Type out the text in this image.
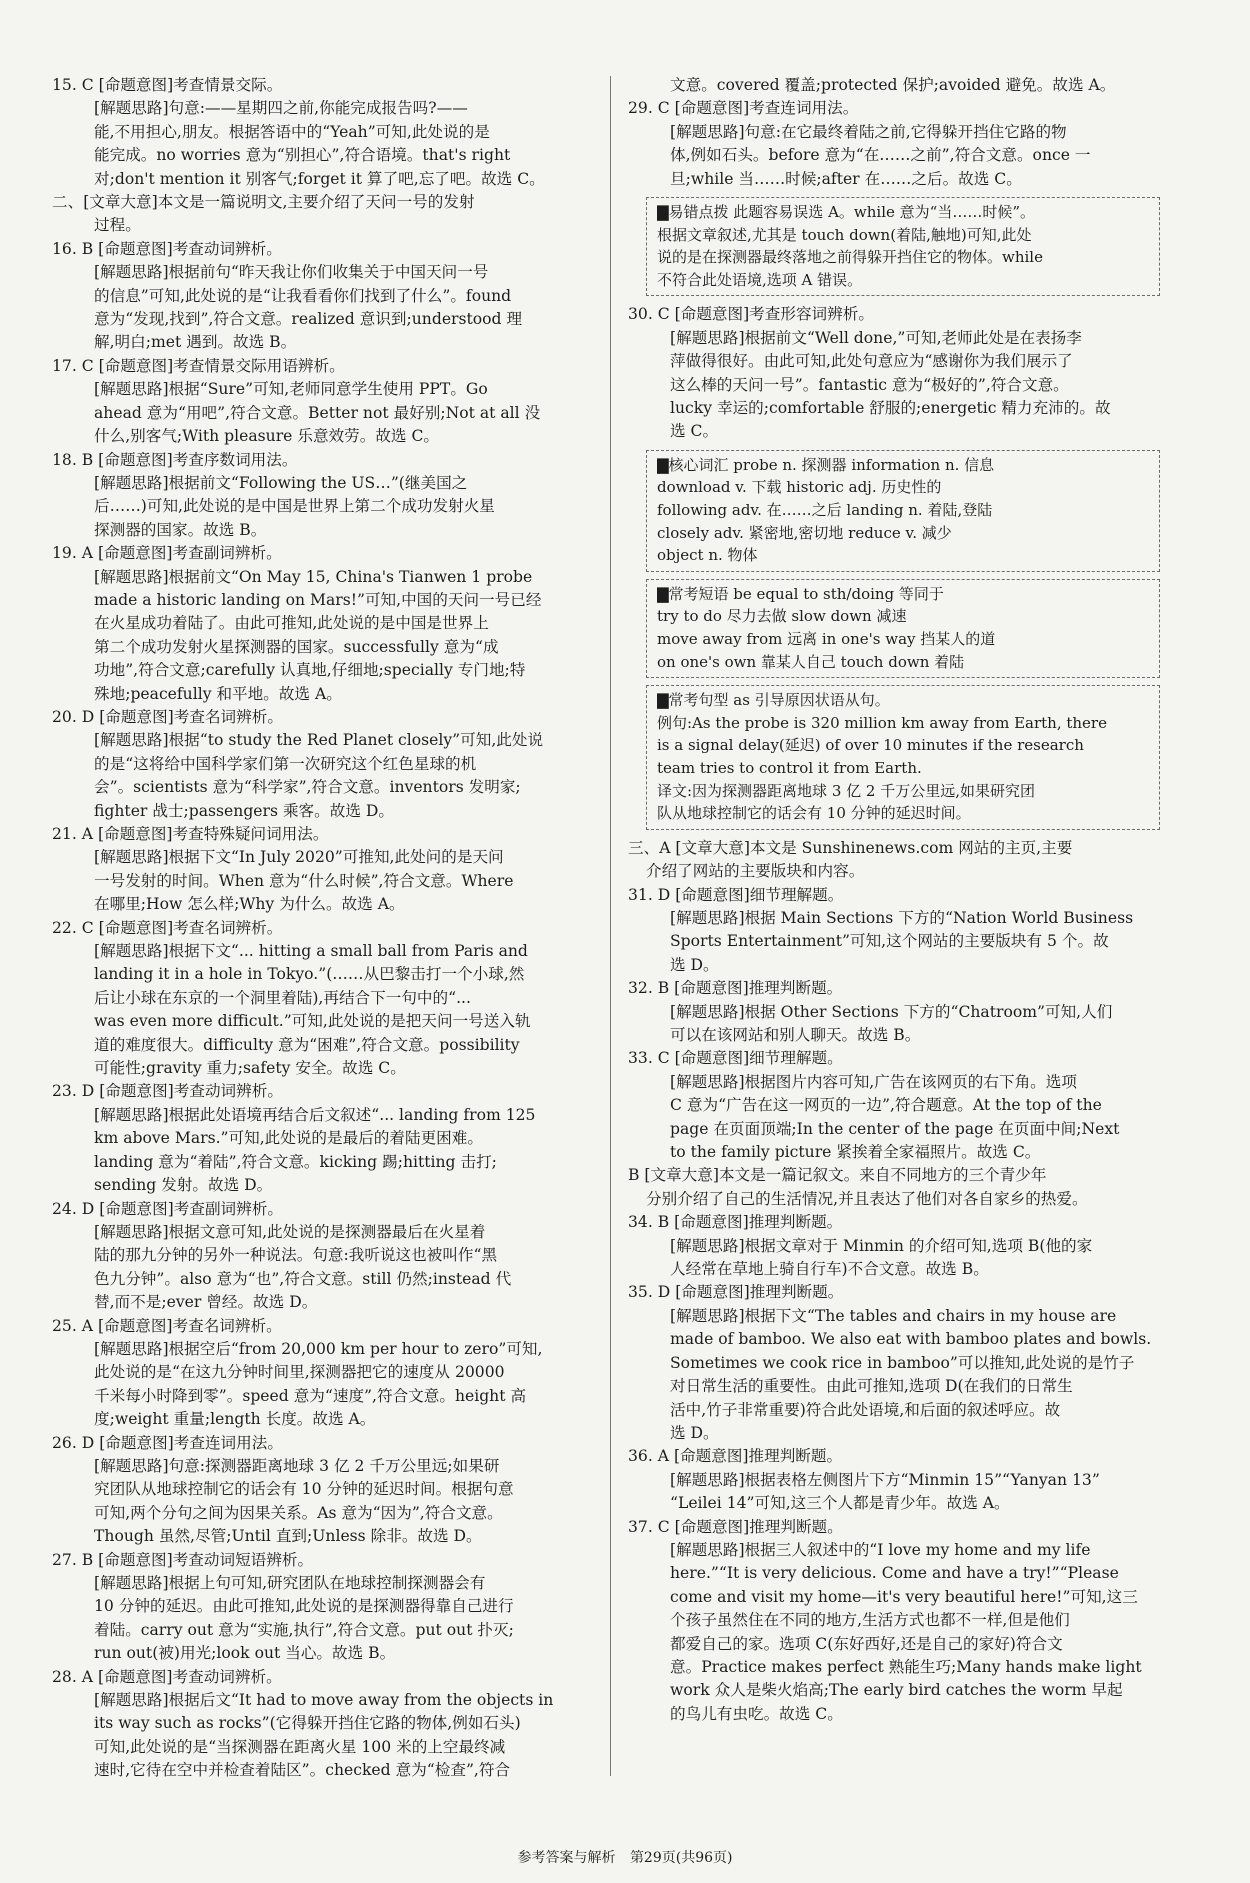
15. C [命题意图]考查情景交际。
[解题思路]句意:——星期四之前,你能完成报告吗?——
能,不用担心,朋友。根据答语中的“Yeah”可知,此处说的是
能完成。no worries 意为“别担心”,符合语境。that's right
对;don't mention it 别客气;forget it 算了吧,忘了吧。故选 C。
二、[文章大意]本文是一篇说明文,主要介绍了天问一号的发射
过程。
16. B [命题意图]考查动词辨析。
[解题思路]根据前句“昨天我让你们收集关于中国天问一号
的信息”可知,此处说的是“让我看看你们找到了什么”。found
意为“发现,找到”,符合文意。realized 意识到;understood 理
解,明白;met 遇到。故选 B。
17. C [命题意图]考查情景交际用语辨析。
[解题思路]根据“Sure”可知,老师同意学生使用 PPT。Go
ahead 意为“用吧”,符合文意。Better not 最好别;Not at all 没
什么,别客气;With pleasure 乐意效劳。故选 C。
18. B [命题意图]考查序数词用法。
[解题思路]根据前文“Following the US…”(继美国之
后……)可知,此处说的是中国是世界上第二个成功发射火星
探测器的国家。故选 B。
19. A [命题意图]考查副词辨析。
[解题思路]根据前文“On May 15, China's Tianwen 1 probe
made a historic landing on Mars!”可知,中国的天问一号已经
在火星成功着陆了。由此可推知,此处说的是中国是世界上
第二个成功发射火星探测器的国家。successfully 意为“成
功地”,符合文意;carefully 认真地,仔细地;specially 专门地;特
殊地;peacefully 和平地。故选 A。
20. D [命题意图]考查名词辨析。
[解题思路]根据“to study the Red Planet closely”可知,此处说
的是“这将给中国科学家们第一次研究这个红色星球的机
会”。scientists 意为“科学家”,符合文意。inventors 发明家;
fighter 战士;passengers 乘客。故选 D。
21. A [命题意图]考查特殊疑问词用法。
[解题思路]根据下文“In July 2020”可推知,此处问的是天问
一号发射的时间。When 意为“什么时候”,符合文意。Where
在哪里;How 怎么样;Why 为什么。故选 A。
22. C [命题意图]考查名词辨析。
[解题思路]根据下文“... hitting a small ball from Paris and
landing it in a hole in Tokyo.”(……从巴黎击打一个小球,然
后让小球在东京的一个洞里着陆),再结合下一句中的“...
was even more difficult.”可知,此处说的是把天问一号送入轨
道的难度很大。difficulty 意为“困难”,符合文意。possibility
可能性;gravity 重力;safety 安全。故选 C。
23. D [命题意图]考查动词辨析。
[解题思路]根据此处语境再结合后文叙述“... landing from 125
km above Mars.”可知,此处说的是最后的着陆更困难。
landing 意为“着陆”,符合文意。kicking 踢;hitting 击打;
sending 发射。故选 D。
24. D [命题意图]考查副词辨析。
[解题思路]根据文意可知,此处说的是探测器最后在火星着
陆的那九分钟的另外一种说法。句意:我听说这也被叫作“黑
色九分钟”。also 意为“也”,符合文意。still 仍然;instead 代
替,而不是;ever 曾经。故选 D。
25. A [命题意图]考查名词辨析。
[解题思路]根据空后“from 20,000 km per hour to zero”可知,
此处说的是“在这九分钟时间里,探测器把它的速度从 20000
千米每小时降到零”。speed 意为“速度”,符合文意。height 高
度;weight 重量;length 长度。故选 A。
26. D [命题意图]考查连词用法。
[解题思路]句意:探测器距离地球 3 亿 2 千万公里远;如果研
究团队从地球控制它的话会有 10 分钟的延迟时间。根据句意
可知,两个分句之间为因果关系。As 意为“因为”,符合文意。
Though 虽然,尽管;Until 直到;Unless 除非。故选 D。
27. B [命题意图]考查动词短语辨析。
[解题思路]根据上句可知,研究团队在地球控制探测器会有
10 分钟的延迟。由此可推知,此处说的是探测器得靠自己进行
着陆。carry out 意为“实施,执行”,符合文意。put out 扑灭;
run out(被)用光;look out 当心。故选 B。
28. A [命题意图]考查动词辨析。
[解题思路]根据后文“It had to move away from the objects in
its way such as rocks”(它得躲开挡住它路的物体,例如石头)
可知,此处说的是“当探测器在距离火星 100 米的上空最终减
速时,它待在空中并检查着陆区”。checked 意为“检查”,符合
文意。covered 覆盖;protected 保护;avoided 避免。故选 A。
29. C [命题意图]考查连词用法。
[解题思路]句意:在它最终着陆之前,它得躲开挡住它路的物
体,例如石头。before 意为“在……之前”,符合文意。once 一
旦;while 当……时候;after 在……之后。故选 C。
▇易错点拨 此题容易误选 A。while 意为“当……时候”。
根据文章叙述,尤其是 touch down(着陆,触地)可知,此处
说的是在探测器最终落地之前得躲开挡住它的物体。while
不符合此处语境,选项 A 错误。
30. C [命题意图]考查形容词辨析。
[解题思路]根据前文“Well done,”可知,老师此处是在表扬李
萍做得很好。由此可知,此处句意应为“感谢你为我们展示了
这么棒的天问一号”。fantastic 意为“极好的”,符合文意。
lucky 幸运的;comfortable 舒服的;energetic 精力充沛的。故
选 C。
▇核心词汇 probe n. 探测器 information n. 信息
download v. 下载 historic adj. 历史性的
following adv. 在……之后 landing n. 着陆,登陆
closely adv. 紧密地,密切地 reduce v. 减少
object n. 物体
▇常考短语 be equal to sth/doing 等同于
try to do 尽力去做 slow down 减速
move away from 远离 in one's way 挡某人的道
on one's own 靠某人自己 touch down 着陆
▇常考句型 as 引导原因状语从句。
例句:As the probe is 320 million km away from Earth, there
is a signal delay(延迟) of over 10 minutes if the research
team tries to control it from Earth.
译文:因为探测器距离地球 3 亿 2 千万公里远,如果研究团
队从地球控制它的话会有 10 分钟的延迟时间。
三、A [文章大意]本文是 Sunshinenews.com 网站的主页,主要
介绍了网站的主要版块和内容。
31. D [命题意图]细节理解题。
[解题思路]根据 Main Sections 下方的“Nation World Business
Sports Entertainment”可知,这个网站的主要版块有 5 个。故
选 D。
32. B [命题意图]推理判断题。
[解题思路]根据 Other Sections 下方的“Chatroom”可知,人们
可以在该网站和别人聊天。故选 B。
33. C [命题意图]细节理解题。
[解题思路]根据图片内容可知,广告在该网页的右下角。选项
C 意为“广告在这一网页的一边”,符合题意。At the top of the
page 在页面顶端;In the center of the page 在页面中间;Next
to the family picture 紧挨着全家福照片。故选 C。
B [文章大意]本文是一篇记叙文。来自不同地方的三个青少年
分别介绍了自己的生活情况,并且表达了他们对各自家乡的热爱。
34. B [命题意图]推理判断题。
[解题思路]根据文章对于 Minmin 的介绍可知,选项 B(他的家
人经常在草地上骑自行车)不合文意。故选 B。
35. D [命题意图]推理判断题。
[解题思路]根据下文“The tables and chairs in my house are
made of bamboo. We also eat with bamboo plates and bowls.
Sometimes we cook rice in bamboo”可以推知,此处说的是竹子
对日常生活的重要性。由此可推知,选项 D(在我们的日常生
活中,竹子非常重要)符合此处语境,和后面的叙述呼应。故
选 D。
36. A [命题意图]推理判断题。
[解题思路]根据表格左侧图片下方“Minmin 15”“Yanyan 13”
“Leilei 14”可知,这三个人都是青少年。故选 A。
37. C [命题意图]推理判断题。
[解题思路]根据三人叙述中的“I love my home and my life
here.”“It is very delicious. Come and have a try!”“Please
come and visit my home—it's very beautiful here!”可知,这三
个孩子虽然住在不同的地方,生活方式也都不一样,但是他们
都爱自己的家。选项 C(东好西好,还是自己的家好)符合文
意。Practice makes perfect 熟能生巧;Many hands make light
work 众人是柴火焰高;The early bird catches the worm 早起
的鸟儿有虫吃。故选 C。
参考答案与解析 第29页(共96页)
